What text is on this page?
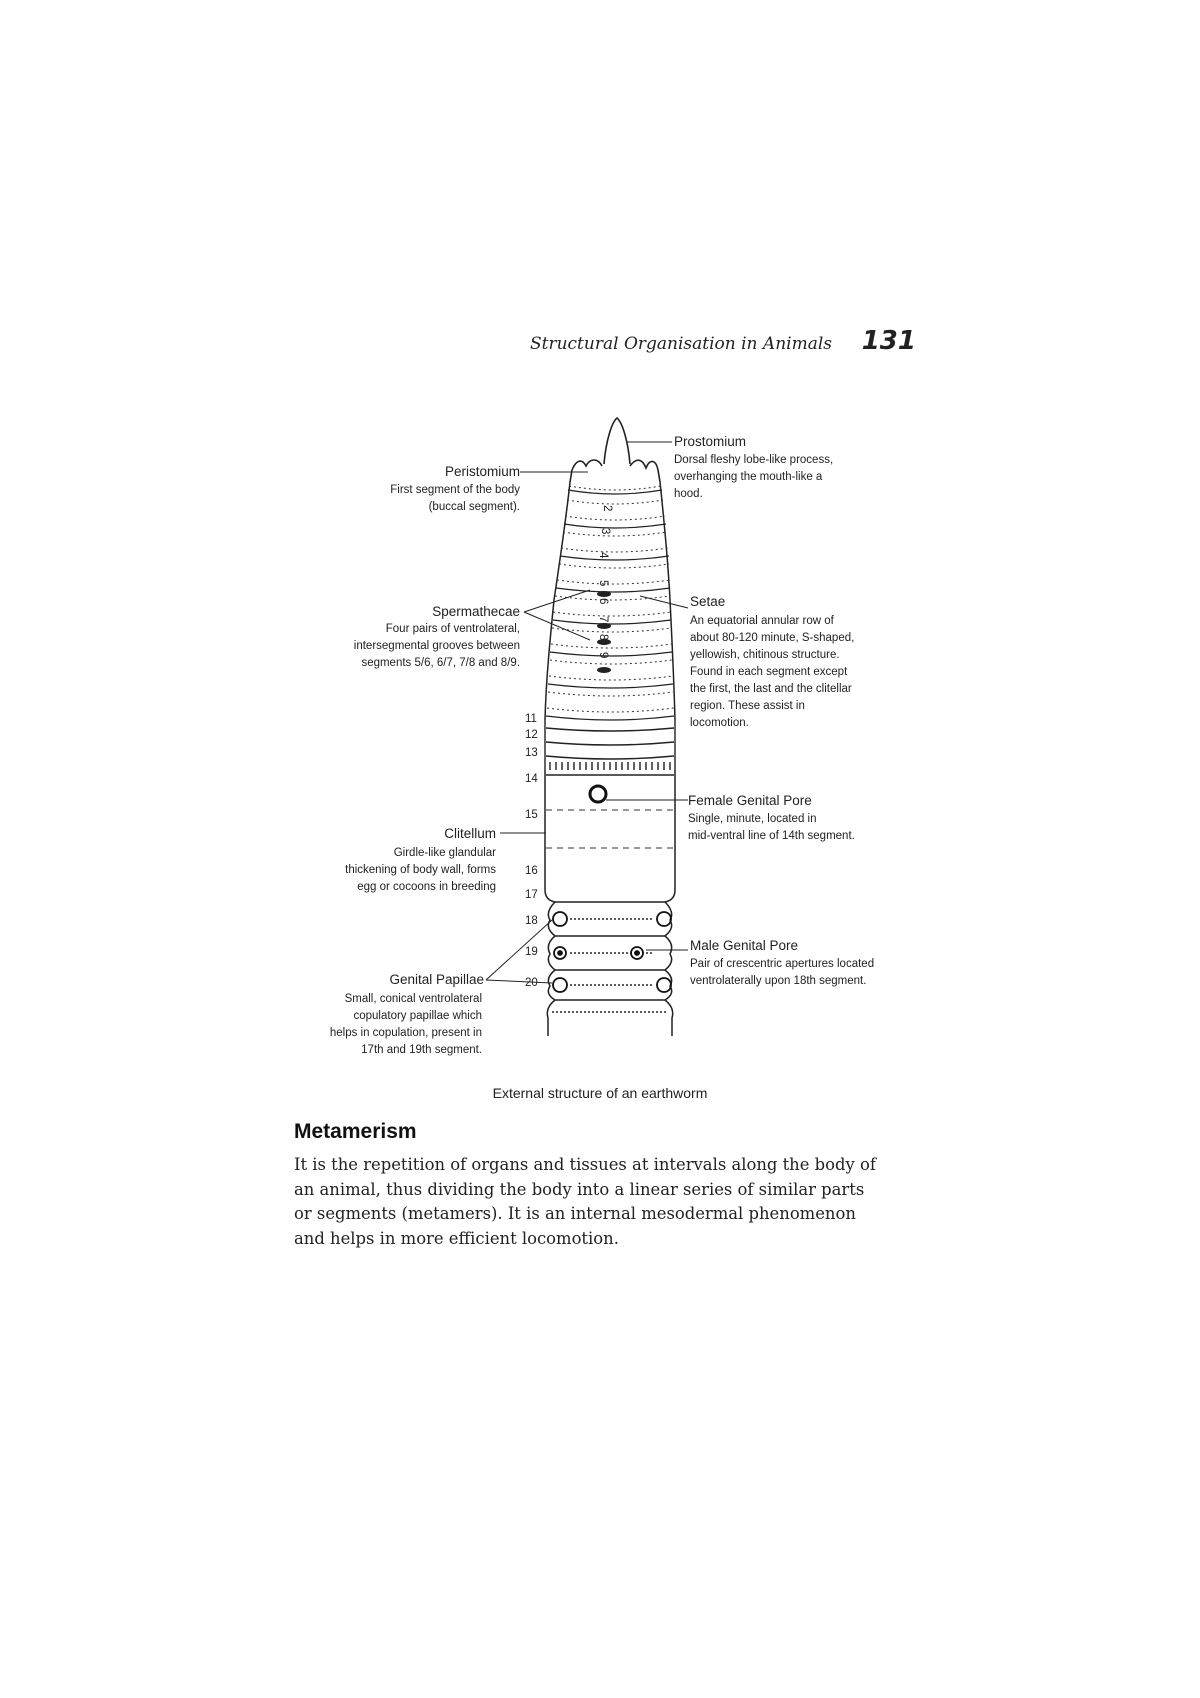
Structural Organisation in Animals 131
2
3
4
5
6
7
8
9
11
12
13
14
15
16
17
18
19
20
Prostomium
Dorsal fleshy lobe-like process,
overhanging the mouth-like a
hood.
Peristomium
First segment of the body
(buccal segment).
Spermathecae
Four pairs of ventrolateral,
intersegmental grooves between
segments 5/6, 6/7, 7/8 and 8/9.
Setae
An equatorial annular row of
about 80-120 minute, S-shaped,
yellowish, chitinous structure.
Found in each segment except
the first, the last and the clitellar
region. These assist in
locomotion.
Female Genital Pore
Single, minute, located in
mid-ventral line of 14th segment.
Clitellum
Girdle-like glandular
thickening of body wall, forms
egg or cocoons in breeding
Male Genital Pore
Pair of crescentric apertures located
ventrolaterally upon 18th segment.
Genital Papillae
Small, conical ventrolateral
copulatory papillae which
helps in copulation, present in
17th and 19th segment.
External structure of an earthworm
Metamerism
It is the repetition of organs and tissues at intervals along the body of
an animal, thus dividing the body into a linear series of similar parts
or segments (metamers). It is an internal mesodermal phenomenon
and helps in more efficient locomotion.
